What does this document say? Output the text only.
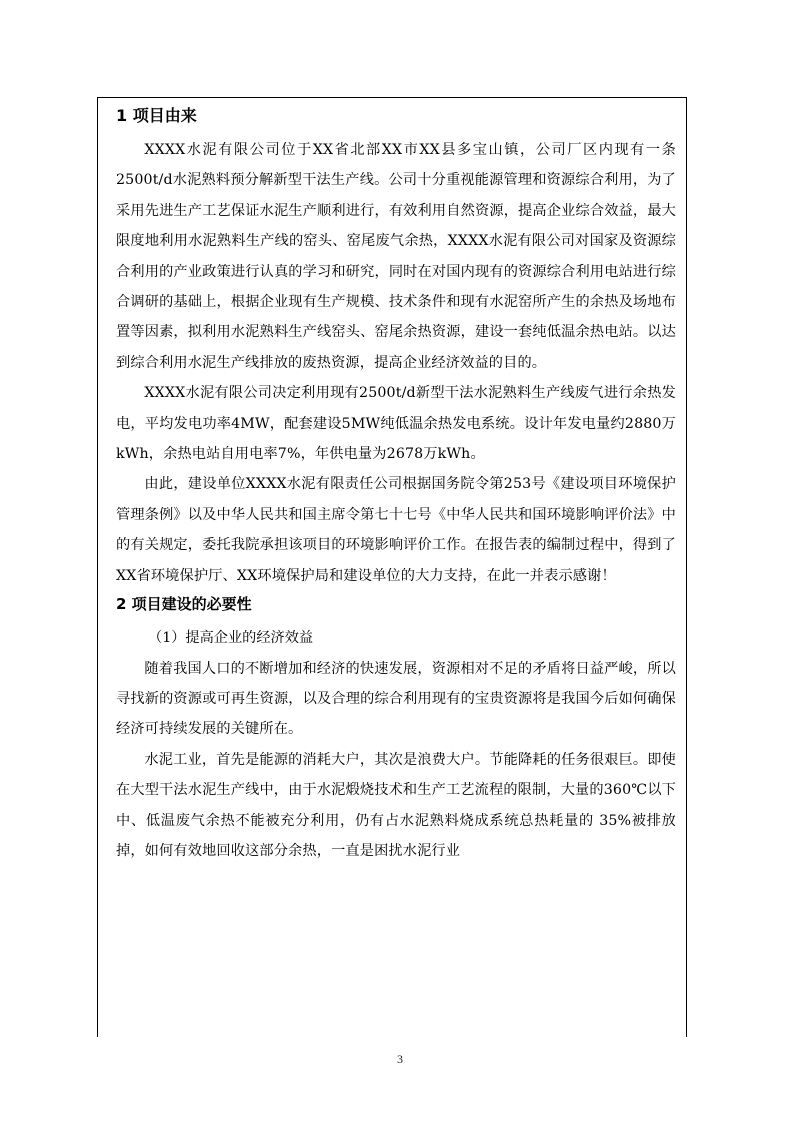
1 项目由来

XXXX水泥有限公司位于XX省北部XX市XX县多宝山镇，公司厂区内现有一条2500t/d水泥熟料预分解新型干法生产线。公司十分重视能源管理和资源综合利用，为了采用先进生产工艺保证水泥生产顺利进行，有效利用自然资源，提高企业综合效益，最大限度地利用水泥熟料生产线的窑头、窑尾废气余热，XXXX水泥有限公司对国家及资源综合利用的产业政策进行认真的学习和研究，同时在对国内现有的资源综合利用电站进行综合调研的基础上，根据企业现有生产规模、技术条件和现有水泥窑所产生的余热及场地布置等因素，拟利用水泥熟料生产线窑头、窑尾余热资源，建设一套纯低温余热电站。以达到综合利用水泥生产线排放的废热资源，提高企业经济效益的目的。

XXXX水泥有限公司决定利用现有2500t/d新型干法水泥熟料生产线废气进行余热发电，平均发电功率4MW，配套建设5MW纯低温余热发电系统。设计年发电量约2880万kWh，余热电站自用电率7%，年供电量为2678万kWh。

由此，建设单位XXXX水泥有限责任公司根据国务院令第253号《建设项目环境保护管理条例》以及中华人民共和国主席令第七十七号《中华人民共和国环境影响评价法》中的有关规定，委托我院承担该项目的环境影响评价工作。在报告表的编制过程中，得到了XX省环境保护厅、XX环境保护局和建设单位的大力支持，在此一并表示感谢！

2 项目建设的必要性

（1）提高企业的经济效益

随着我国人口的不断增加和经济的快速发展，资源相对不足的矛盾将日益严峻，所以寻找新的资源或可再生资源，以及合理的综合利用现有的宝贵资源将是我国今后如何确保经济可持续发展的关键所在。

水泥工业，首先是能源的消耗大户，其次是浪费大户。节能降耗的任务很艰巨。即使在大型干法水泥生产线中，由于水泥煅烧技术和生产工艺流程的限制，大量的360℃以下中、低温废气余热不能被充分利用，仍有占水泥熟料烧成系统总热耗量的 35%被排放掉，如何有效地回收这部分余热，一直是困扰水泥行业

3
